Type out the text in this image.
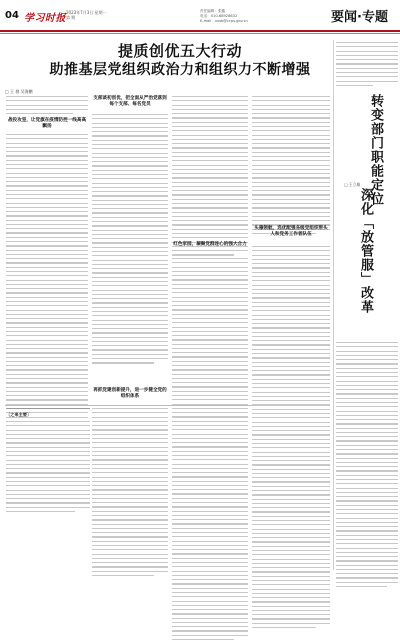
04 学习时报
2023年7月3日 星期一
第 期
责任编辑：张鑫
电话：010-68928632
E-mail：xxsb@ccps.gov.cn	要闻·专题
提质创优五大行动
助推基层党组织政治力和组织力不断增强
□ 王 群 吴海鹏
战役攻坚，让党旗在疫情防控一线高高飘扬
〔之来主要〕
支部谈初创优，把全面从严治党落到每个支部、每名党员
再抓党建创新提升，进一步健全党的组织体系
红色家园，凝聚党群连心的强大合力
头雁领航，选优配强各级党组织带头人和党务工作者队伍
转变部门职能定位
□ 王立雄
深化「放管服」改革
